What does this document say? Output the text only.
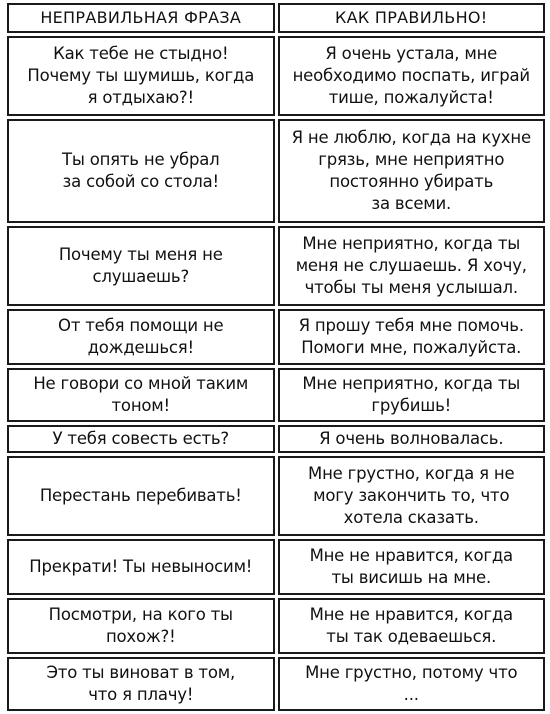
НЕПРАВИЛЬНАЯ ФРАЗА	КАК ПРАВИЛЬНО!

Как тебе не стыдно!
Почему ты шумишь, когда
я отдыхаю?!	Я очень устала, мне
необходимо поспать, играй
тише, пожалуйста!

Ты опять не убрал
за собой со стола!	Я не люблю, когда на кухне
грязь, мне неприятно
постоянно убирать
за всеми.

Почему ты меня не
слушаешь?	Мне неприятно, когда ты
меня не слушаешь. Я хочу,
чтобы ты меня услышал.

От тебя помощи не
дождешься!	Я прошу тебя мне помочь.
Помоги мне, пожалуйста.

Не говори со мной таким
тоном!	Мне неприятно, когда ты
грубишь!

У тебя совесть есть?	Я очень волновалась.

Перестань перебивать!	Мне грустно, когда я не
могу закончить то, что
хотела сказать.

Прекрати! Ты невыносим!	Мне не нравится, когда
ты висишь на мне.

Посмотри, на кого ты
похож?!	Мне не нравится, когда
ты так одеваешься.

Это ты виноват в том,
что я плачу!	Мне грустно, потому что
...
